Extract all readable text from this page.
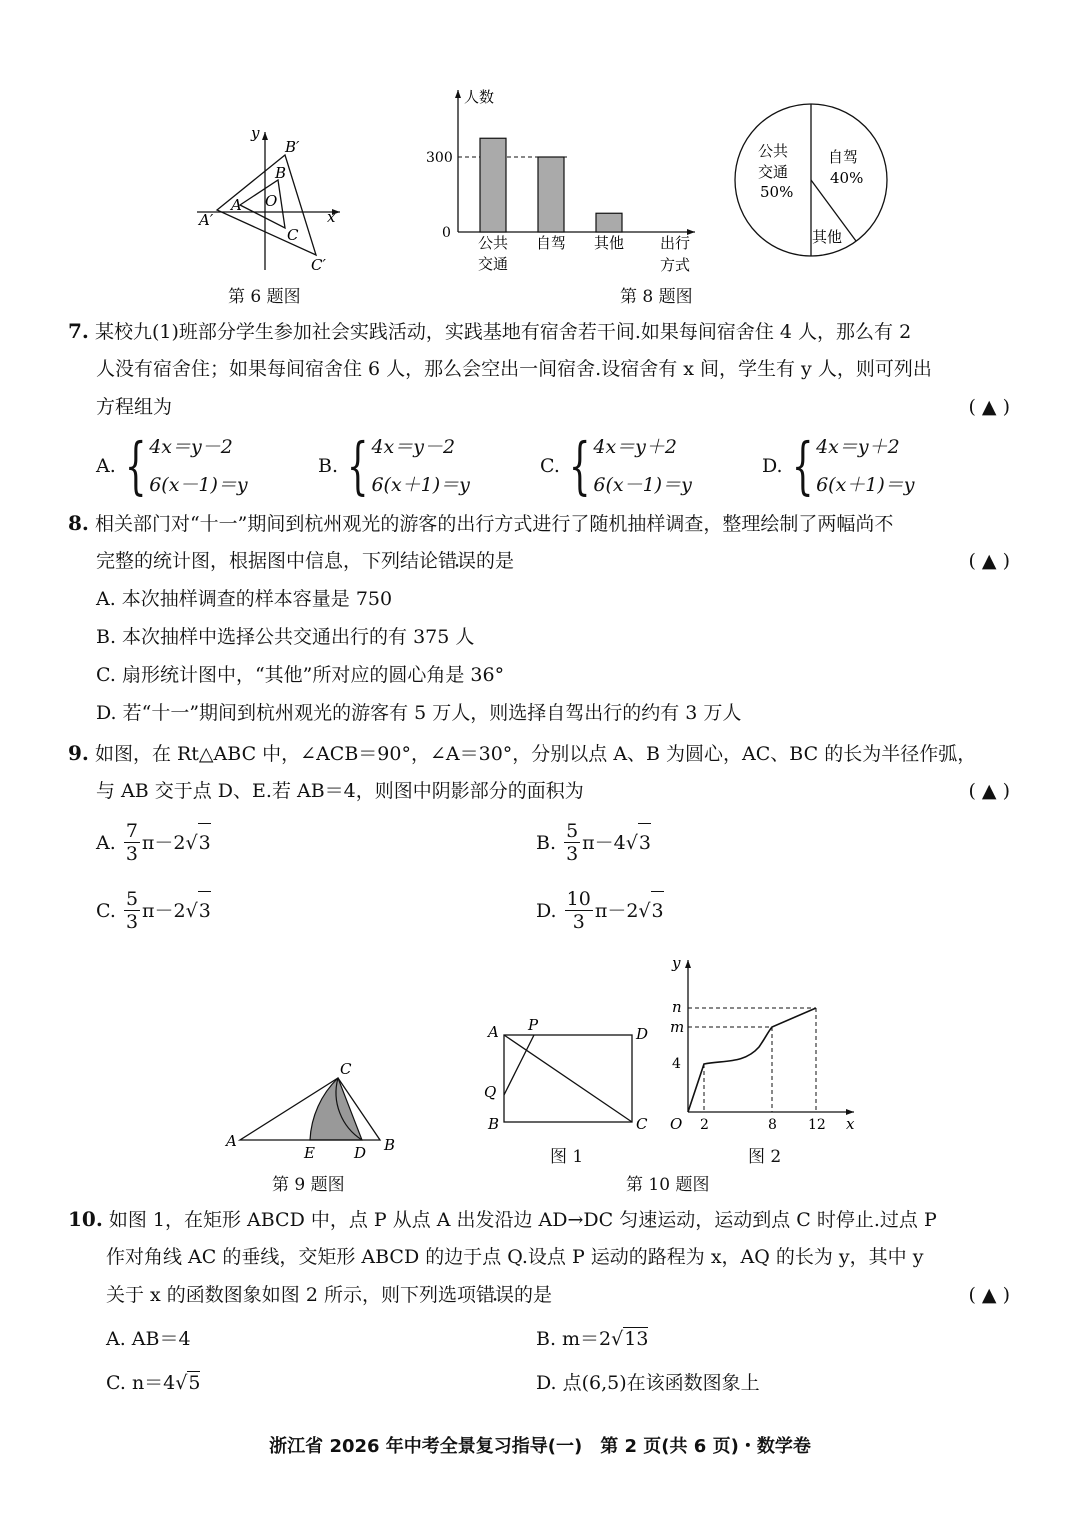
y
x
B′
B
A O
A′
C
C′
第 6 题图
人数
300
0
公共
交通
自驾 其他 出行
方式
第 8 题图
公共
交通
50%
自驾
40%
其他
7. 某校九(1)班部分学生参加社会实践活动，实践基地有宿舍若干间.如果每间宿舍住 4 人，那么有 2
人没有宿舍住；如果每间宿舍住 6 人，那么会空出一间宿舍.设宿舍有 x 间，学生有 y 人，则可列出
方程组为	( ▲ )
A. { 4x＝y－2
6(x－1)＝y
B. { 4x＝y－2
6(x＋1)＝y
C. { 4x＝y＋2
6(x－1)＝y
D. { 4x＝y＋2
6(x＋1)＝y
8. 相关部门对“十一”期间到杭州观光的游客的出行方式进行了随机抽样调查，整理绘制了两幅尚不
完整的统计图，根据图中信息，下列结论错误的是	( ▲ )
A. 本次抽样调查的样本容量是 750
B. 本次抽样中选择公共交通出行的有 375 人
C. 扇形统计图中，“其他”所对应的圆心角是 36°
D. 若“十一”期间到杭州观光的游客有 5 万人，则选择自驾出行的约有 3 万人
9. 如图，在 Rt△ABC 中，∠ACB＝90°，∠A＝30°，分别以点 A、B 为圆心，AC、BC 的长为半径作弧，
与 AB 交于点 D、E.若 AB＝4，则图中阴影部分的面积为	( ▲ )
A.
$\frac{7}{3} \pi-2$ √ 3	B.
$\frac{5}{3} \pi-4$ √ 3
C.
$\frac{5}{3} \pi-2$ √ 3	D.
$\frac{10}{3} \pi-2$ √ 3
A	B
C
E	D
第 9 题图
A P	D
Q
B	C
图 1
y
n
m
4
O 2	8 12 x
图 2
第 10 题图
10. 如图 1，在矩形 ABCD 中，点 P 从点 A 出发沿边 AD→DC 匀速运动，运动到点 C 时停止.过点 P
作对角线 AC 的垂线，交矩形 ABCD 的边于点 Q.设点 P 运动的路程为 x，AQ 的长为 y，其中 y
关于 x 的函数图象如图 2 所示，则下列选项错误的是	( ▲ )
A. AB＝4	B. m＝2√13
C. n＝4√5	D. 点(6,5)在该函数图象上
浙江省 2026 年中考全景复习指导(一)　第 2 页(共 6 页)・数学卷
